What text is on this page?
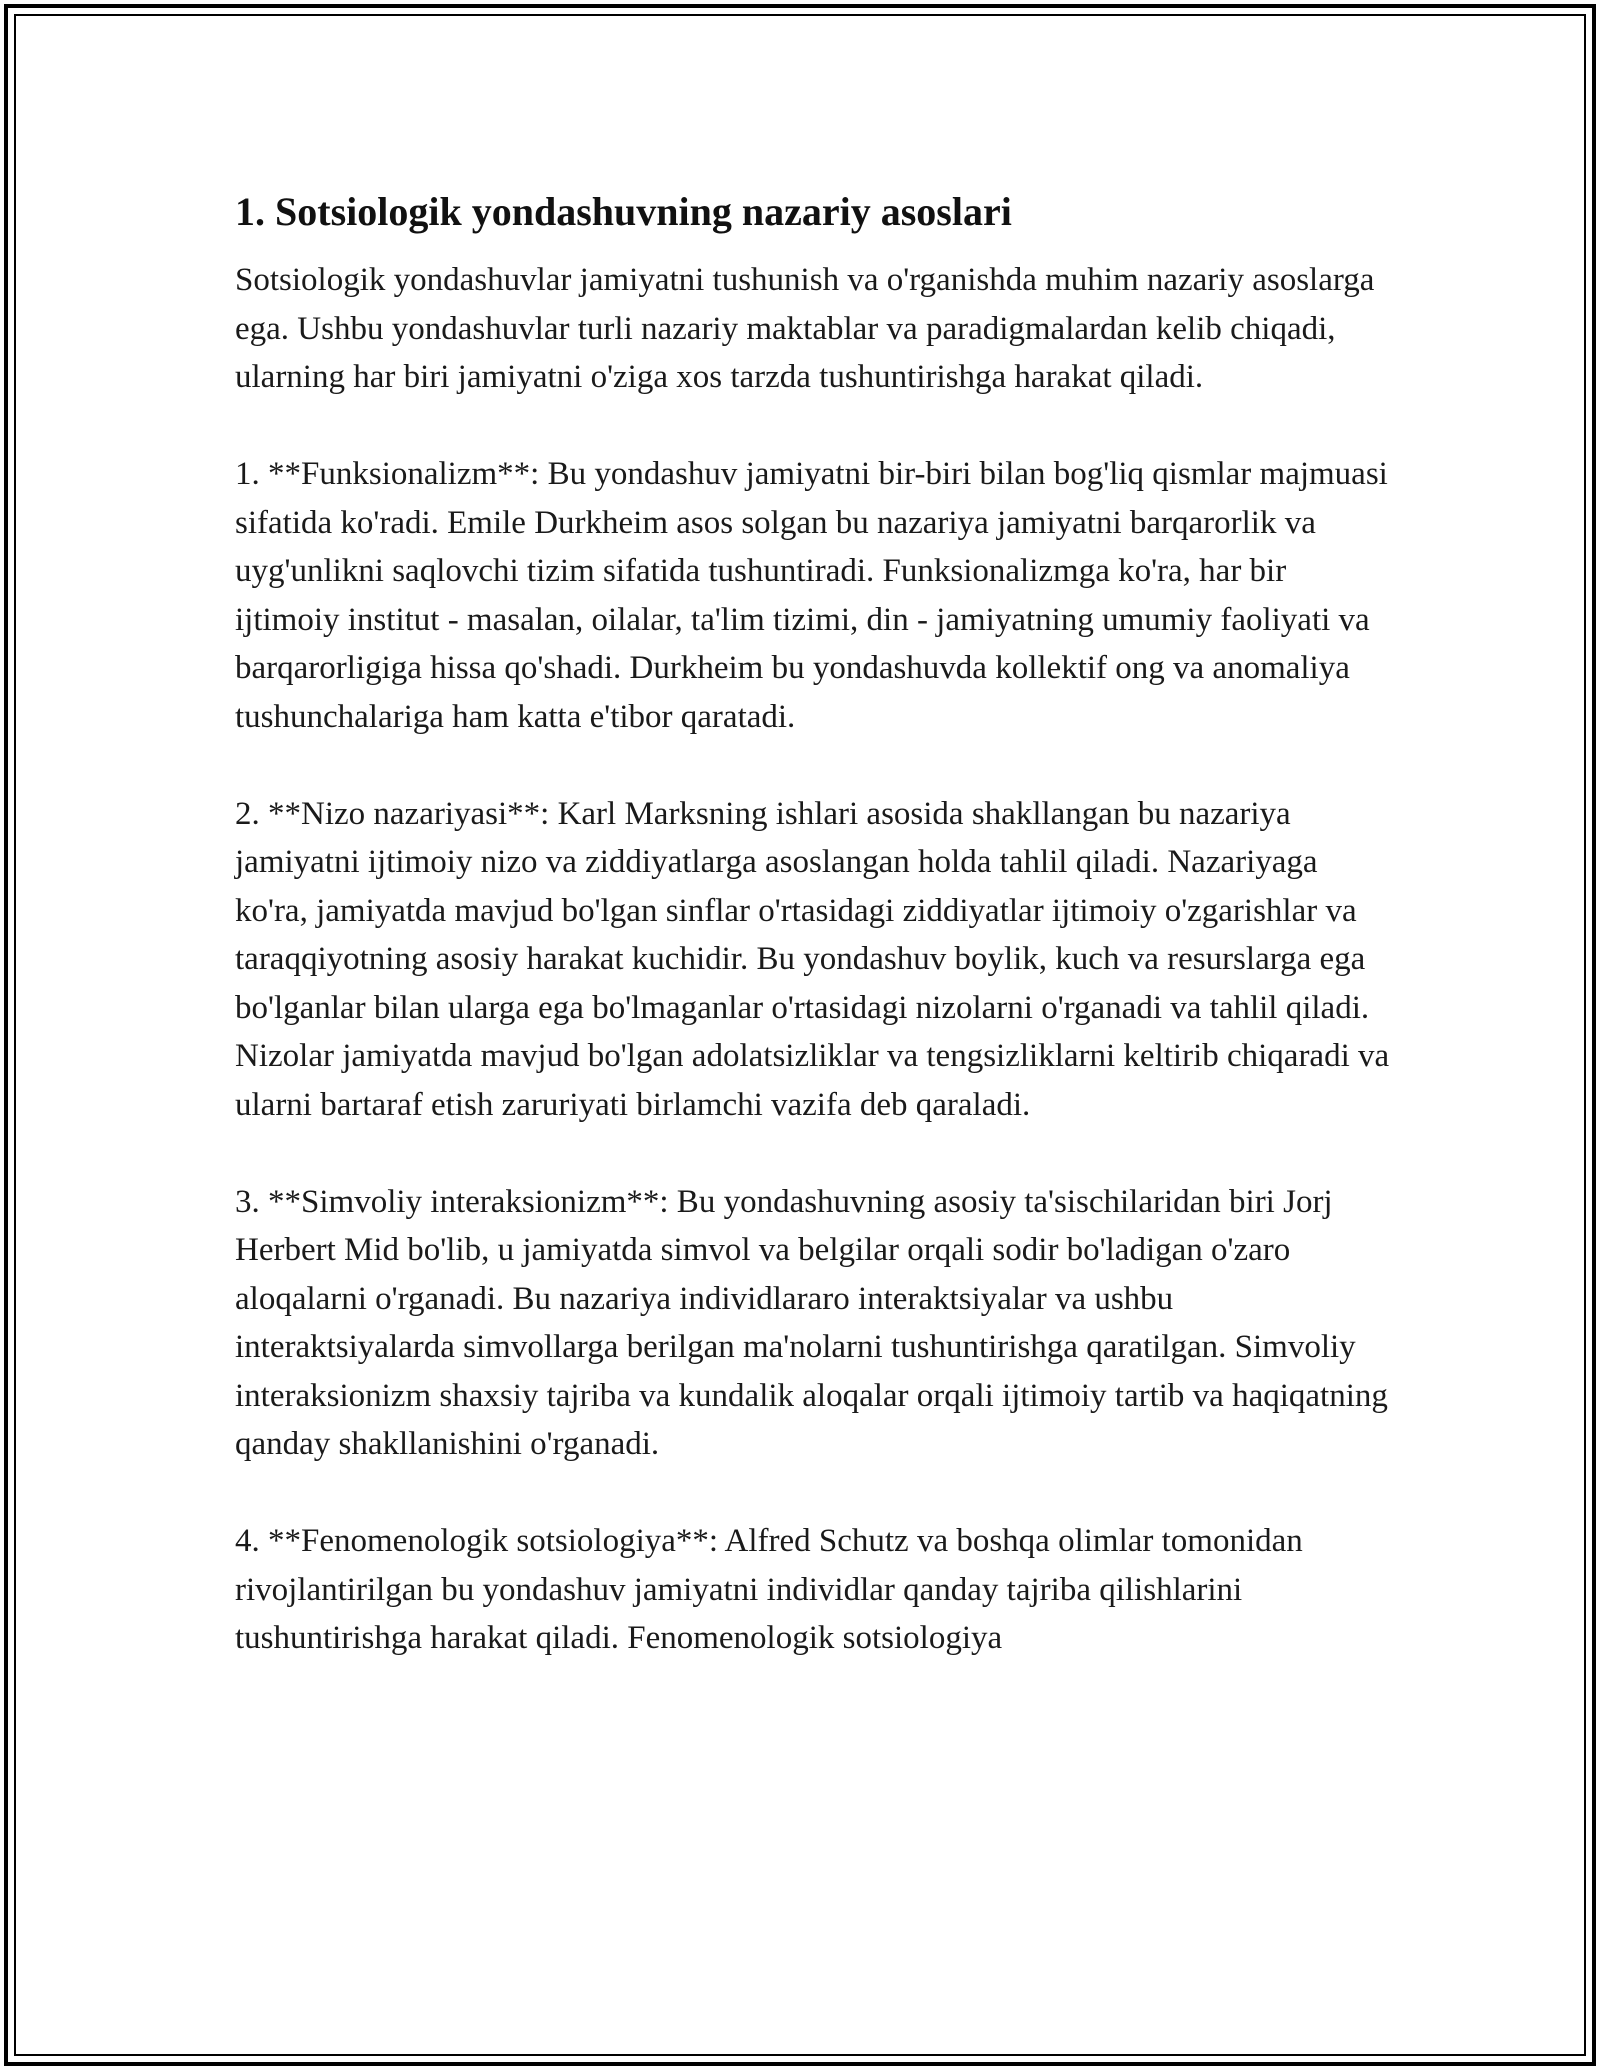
1. Sotsiologik yondashuvning nazariy asoslari

Sotsiologik yondashuvlar jamiyatni tushunish va o'rganishda muhim nazariy asoslarga ega. Ushbu yondashuvlar turli nazariy maktablar va paradigmalardan kelib chiqadi, ularning har biri jamiyatni o'ziga xos tarzda tushuntirishga harakat qiladi.

1. **Funksionalizm**: Bu yondashuv jamiyatni bir-biri bilan bog'liq qismlar majmuasi sifatida ko'radi. Emile Durkheim asos solgan bu nazariya jamiyatni barqarorlik va uyg'unlikni saqlovchi tizim sifatida tushuntiradi. Funksionalizmga ko'ra, har bir ijtimoiy institut - masalan, oilalar, ta'lim tizimi, din - jamiyatning umumiy faoliyati va barqarorligiga hissa qo'shadi. Durkheim bu yondashuvda kollektif ong va anomaliya tushunchalariga ham katta e'tibor qaratadi.

2. **Nizo nazariyasi**: Karl Marksning ishlari asosida shakllangan bu nazariya jamiyatni ijtimoiy nizo va ziddiyatlarga asoslangan holda tahlil qiladi. Nazariyaga ko'ra, jamiyatda mavjud bo'lgan sinflar o'rtasidagi ziddiyatlar ijtimoiy o'zgarishlar va taraqqiyotning asosiy harakat kuchidir. Bu yondashuv boylik, kuch va resurslarga ega bo'lganlar bilan ularga ega bo'lmaganlar o'rtasidagi nizolarni o'rganadi va tahlil qiladi. Nizolar jamiyatda mavjud bo'lgan adolatsizliklar va tengsizliklarni keltirib chiqaradi va ularni bartaraf etish zaruriyati birlamchi vazifa deb qaraladi.

3. **Simvoliy interaksionizm**: Bu yondashuvning asosiy ta'sischilaridan biri Jorj Herbert Mid bo'lib, u jamiyatda simvol va belgilar orqali sodir bo'ladigan o'zaro aloqalarni o'rganadi. Bu nazariya individlararo interaktsiyalar va ushbu interaktsiyalarda simvollarga berilgan ma'nolarni tushuntirishga qaratilgan. Simvoliy interaksionizm shaxsiy tajriba va kundalik aloqalar orqali ijtimoiy tartib va haqiqatning qanday shakllanishini o'rganadi.

4. **Fenomenologik sotsiologiya**: Alfred Schutz va boshqa olimlar tomonidan rivojlantirilgan bu yondashuv jamiyatni individlar qanday tajriba qilishlarini tushuntirishga harakat qiladi. Fenomenologik sotsiologiya
